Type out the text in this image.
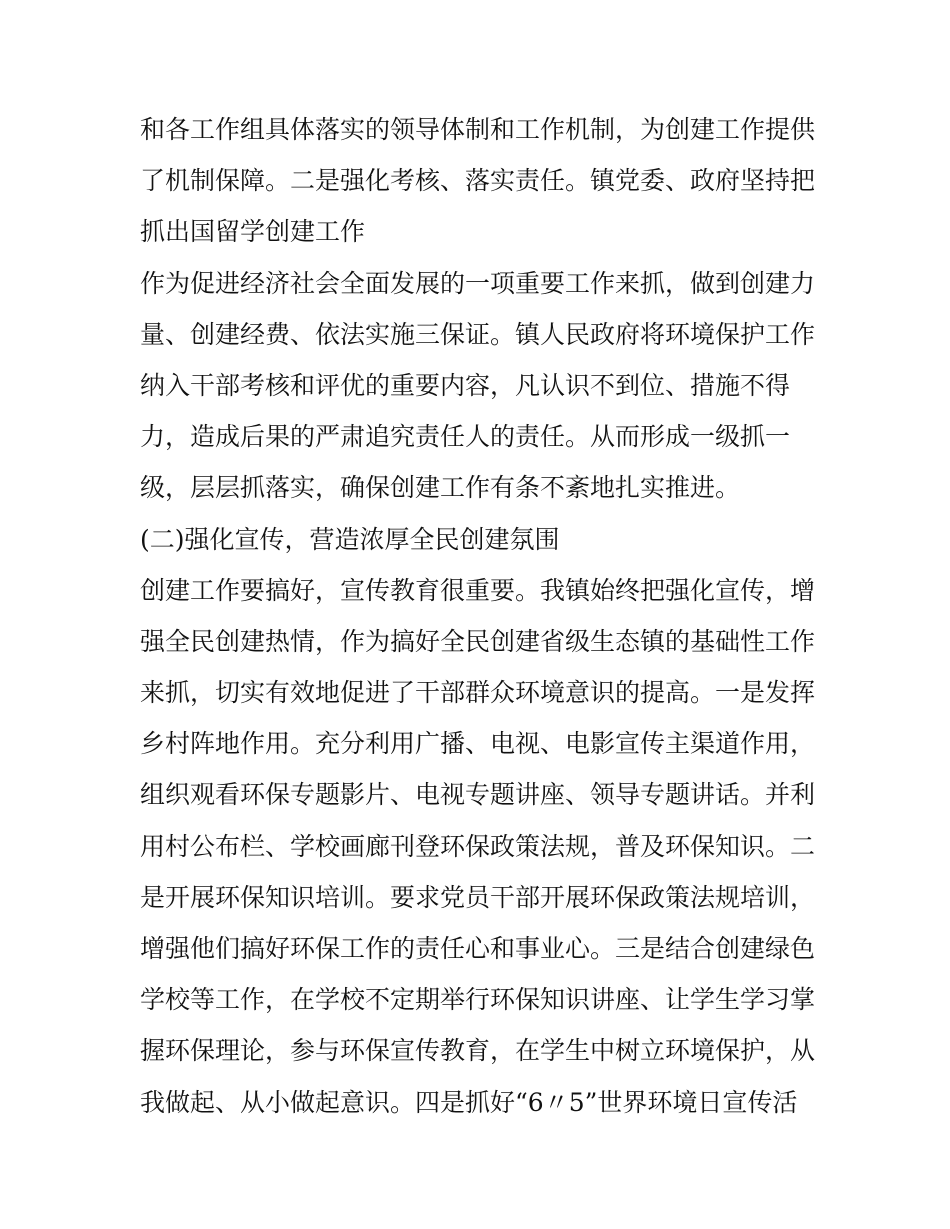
和各工作组具体落实的领导体制和工作机制，为创建工作提供
了机制保障。二是强化考核、落实责任。镇党委、政府坚持把
抓出国留学创建工作
作为促进经济社会全面发展的一项重要工作来抓，做到创建力
量、创建经费、依法实施三保证。镇人民政府将环境保护工作
纳入干部考核和评优的重要内容，凡认识不到位、措施不得
力，造成后果的严肃追究责任人的责任。从而形成一级抓一
级，层层抓落实，确保创建工作有条不紊地扎实推进。
(二)强化宣传，营造浓厚全民创建氛围
创建工作要搞好，宣传教育很重要。我镇始终把强化宣传，增
强全民创建热情，作为搞好全民创建省级生态镇的基础性工作
来抓，切实有效地促进了干部群众环境意识的提高。一是发挥
乡村阵地作用。充分利用广播、电视、电影宣传主渠道作用，
组织观看环保专题影片、电视专题讲座、领导专题讲话。并利
用村公布栏、学校画廊刊登环保政策法规，普及环保知识。二
是开展环保知识培训。要求党员干部开展环保政策法规培训，
增强他们搞好环保工作的责任心和事业心。三是结合创建绿色
学校等工作，在学校不定期举行环保知识讲座、让学生学习掌
握环保理论，参与环保宣传教育，在学生中树立环境保护，从
我做起、从小做起意识。四是抓好“6〃5”世界环境日宣传活
